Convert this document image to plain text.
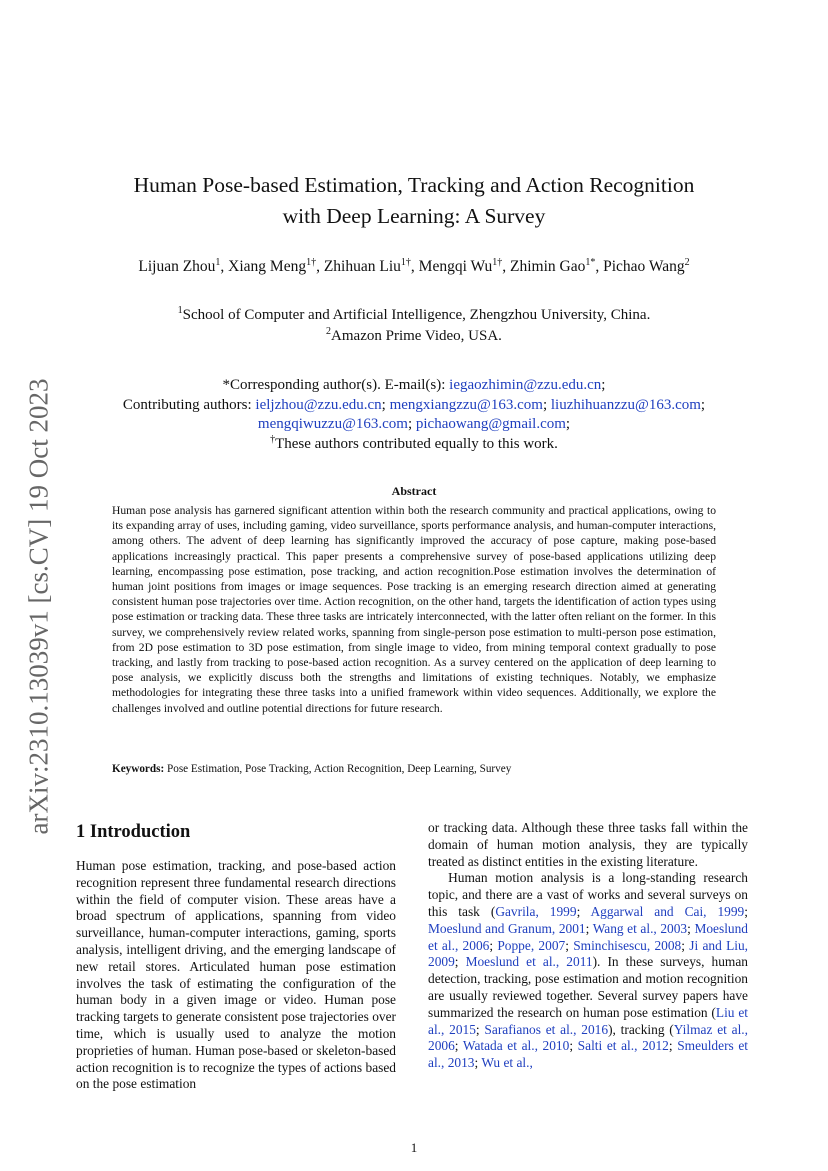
arXiv:2310.13039v1 [cs.CV] 19 Oct 2023
Human Pose-based Estimation, Tracking and Action Recognition
with Deep Learning: A Survey
Lijuan Zhou$^1$, Xiang Meng$^{1\dagger}$, Zhihuan Liu$^{1\dagger}$, Mengqi $Wu^{1\dagger}$, Zhimin Gao$^{1*}$, Pichao Wang$^2$
$^1$School of Computer and Artificial Intelligence, Zhengzhou University, China.
$^2$Amazon Prime Video, USA.
*Corresponding author(s). E-mail(s): iegaozhimin@zzu.edu.cn;
Contributing authors: ieljzhou@zzu.edu.cn; mengxiangzzu@163.com; liuzhihuanzzu@163.com;
mengqiwuzzu@163.com; pichaowang@gmail.com;
†These authors contributed equally to this work.
Abstract

Human pose analysis has garnered significant attention within both the research community and practical applications, owing to its expanding array of uses, including gaming, video surveillance, sports performance analysis, and human-computer interactions, among others. The advent of deep learning has significantly improved the accuracy of pose capture, making pose-based applications increasingly practical. This paper presents a comprehensive survey of pose-based applications utilizing deep learning, encompassing pose estimation, pose tracking, and action recognition.Pose estimation involves the determination of human joint positions from images or image sequences. Pose tracking is an emerging research direction aimed at generating consistent human pose trajectories over time. Action recognition, on the other hand, targets the identification of action types using pose estimation or tracking data. These three tasks are intricately interconnected, with the latter often reliant on the former. In this survey, we comprehensively review related works, spanning from single-person pose estimation to multi-person pose estimation, from 2D pose estimation to 3D pose estimation, from single image to video, from mining temporal context gradually to pose tracking, and lastly from tracking to pose-based action recognition. As a survey centered on the application of deep learning to pose analysis, we explicitly discuss both the strengths and limitations of existing techniques. Notably, we emphasize methodologies for integrating these three tasks into a unified framework within video sequences. Additionally, we explore the challenges involved and outline potential directions for future research.

Keywords: Pose Estimation, Pose Tracking, Action Recognition, Deep Learning, Survey
1 Introduction

Human pose estimation, tracking, and pose-based action recognition represent three fundamental research directions within the field of computer vision. These areas have a broad spectrum of applications, spanning from video surveillance, human-computer interactions, gaming, sports analysis, intelligent driving, and the emerging landscape of new retail stores. Articulated human pose estimation involves the task of estimating the configuration of the human body in a given image or video. Human pose tracking targets to generate consistent pose trajectories over time, which is usually used to analyze the motion proprieties of human. Human pose-based or skeleton-based action recognition is to recognize the types of actions based on the pose estimation

or tracking data. Although these three tasks fall within the domain of human motion analysis, they are typically treated as distinct entities in the existing literature.

Human motion analysis is a long-standing research topic, and there are a vast of works and several surveys on this task (Gavrila, 1999; Aggarwal and Cai, 1999; Moeslund and Granum, 2001; Wang et al., 2003; Moeslund et al., 2006; Poppe, 2007; Sminchisescu, 2008; Ji and Liu, 2009; Moeslund et al., 2011). In these surveys, human detection, tracking, pose estimation and motion recognition are usually reviewed together. Several survey papers have summarized the research on human pose estimation (Liu et al., 2015; Sarafianos et al., 2016), tracking (Yilmaz et al., 2006; Watada et al., 2010; Salti et al., 2012; Smeulders et al., 2013; Wu et al.,

1
